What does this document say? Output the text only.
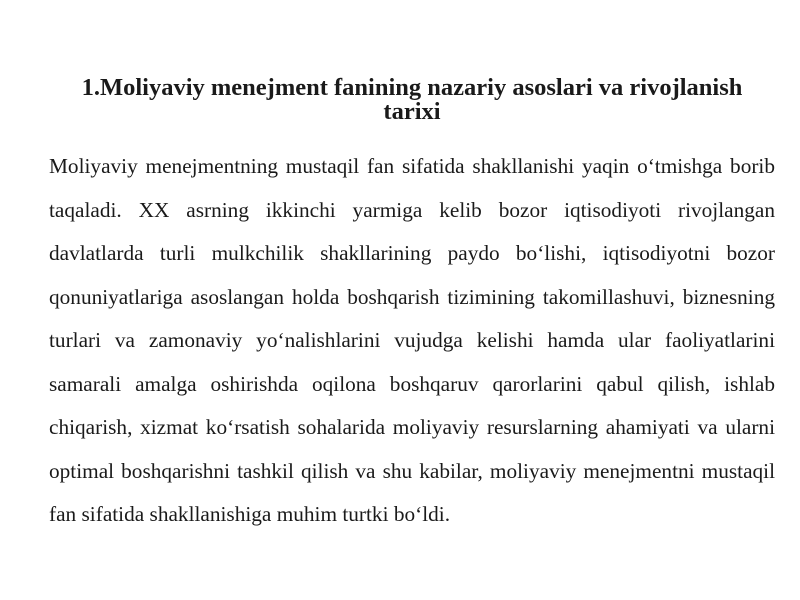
1.Moliyaviy menejment fanining nazariy asoslari va rivojlanish tarixi

Moliyaviy menejmentning mustaqil fan sifatida shakllanishi yaqin o‘tmishga borib taqaladi. XX asrning ikkinchi yarmiga kelib bozor iqtisodiyoti rivojlangan davlatlarda turli mulkchilik shakllarining paydo bo‘lishi, iqtisodiyotni bozor qonuniyatlariga asoslangan holda boshqarish tizimining takomillashuvi, biznesning turlari va zamonaviy yo‘nalishlarini vujudga kelishi hamda ular faoliyatlarini samarali amalga oshirishda oqilona boshqaruv qarorlarini qabul qilish, ishlab chiqarish, xizmat ko‘rsatish sohalarida moliyaviy resurslarning ahamiyati va ularni optimal boshqarishni tashkil qilish va shu kabilar, moliyaviy menejmentni mustaqil fan sifatida shakllanishiga muhim turtki bo‘ldi.
